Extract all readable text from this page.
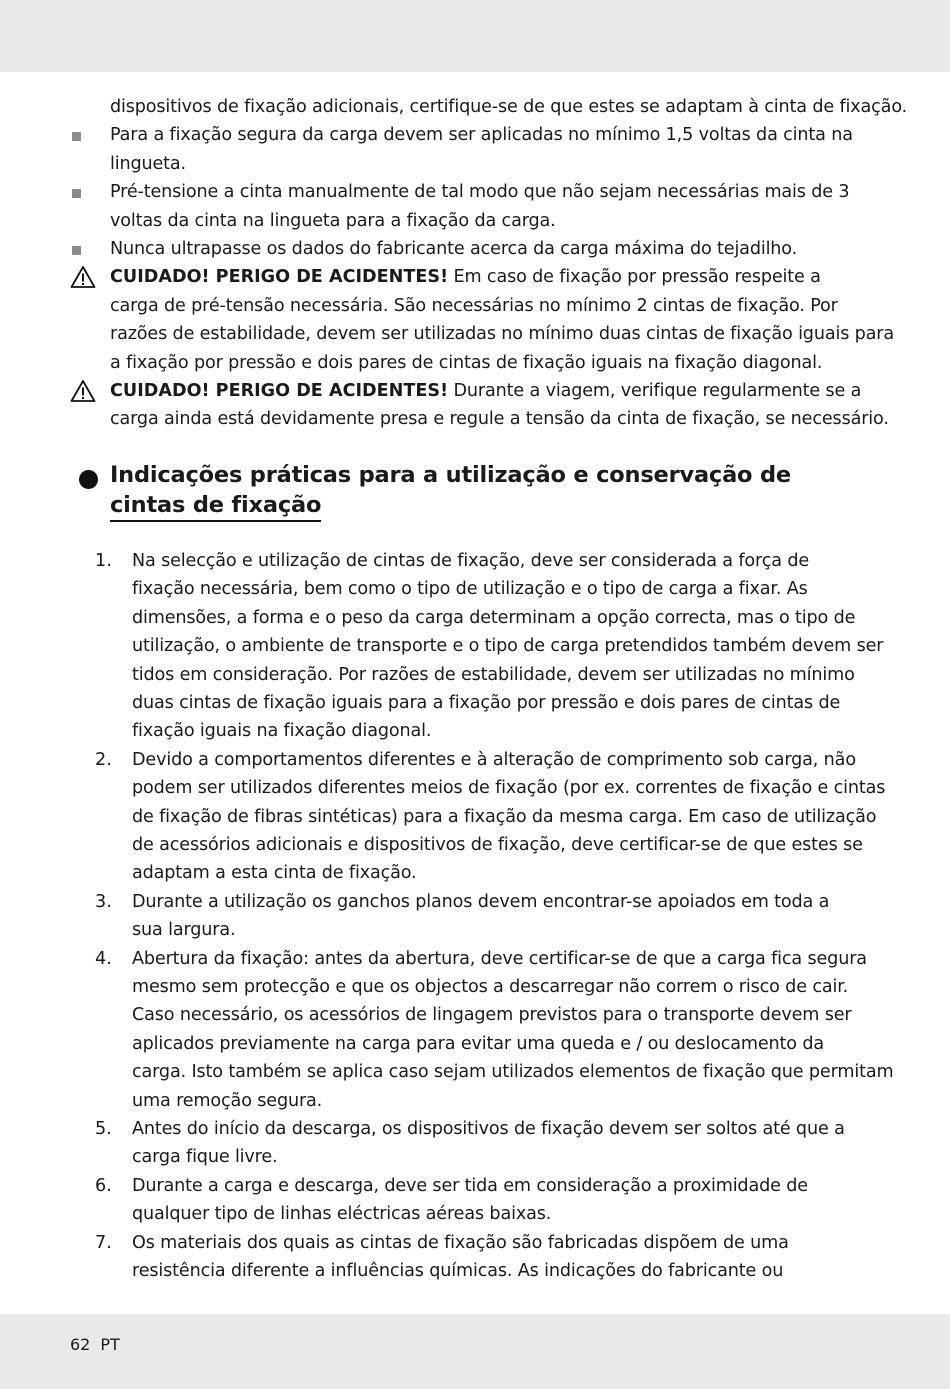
dispositivos de fixação adicionais, certifique-se de que estes se adaptam à cinta de fixação.
Para a fixação segura da carga devem ser aplicadas no mínimo 1,5 voltas da cinta na
lingueta.
Pré-tensione a cinta manualmente de tal modo que não sejam necessárias mais de 3
voltas da cinta na lingueta para a fixação da carga.
Nunca ultrapasse os dados do fabricante acerca da carga máxima do tejadilho.
CUIDADO! PERIGO DE ACIDENTES! Em caso de fixação por pressão respeite a
carga de pré-tensão necessária. São necessárias no mínimo 2 cintas de fixação. Por
razões de estabilidade, devem ser utilizadas no mínimo duas cintas de fixação iguais para
a fixação por pressão e dois pares de cintas de fixação iguais na fixação diagonal.
CUIDADO! PERIGO DE ACIDENTES! Durante a viagem, verifique regularmente se a
carga ainda está devidamente presa e regule a tensão da cinta de fixação, se necessário.
Indicações práticas para a utilização e conservação de
cintas de fixação
1. Na selecção e utilização de cintas de fixação, deve ser considerada a força de
fixação necessária, bem como o tipo de utilização e o tipo de carga a fixar. As
dimensões, a forma e o peso da carga determinam a opção correcta, mas o tipo de
utilização, o ambiente de transporte e o tipo de carga pretendidos também devem ser
tidos em consideração. Por razões de estabilidade, devem ser utilizadas no mínimo
duas cintas de fixação iguais para a fixação por pressão e dois pares de cintas de
fixação iguais na fixação diagonal.
2. Devido a comportamentos diferentes e à alteração de comprimento sob carga, não
podem ser utilizados diferentes meios de fixação (por ex. correntes de fixação e cintas
de fixação de fibras sintéticas) para a fixação da mesma carga. Em caso de utilização
de acessórios adicionais e dispositivos de fixação, deve certificar-se de que estes se
adaptam a esta cinta de fixação.
3. Durante a utilização os ganchos planos devem encontrar-se apoiados em toda a
sua largura.
4. Abertura da fixação: antes da abertura, deve certificar-se de que a carga fica segura
mesmo sem protecção e que os objectos a descarregar não correm o risco de cair.
Caso necessário, os acessórios de lingagem previstos para o transporte devem ser
aplicados previamente na carga para evitar uma queda e / ou deslocamento da
carga. Isto também se aplica caso sejam utilizados elementos de fixação que permitam
uma remoção segura.
5. Antes do início da descarga, os dispositivos de fixação devem ser soltos até que a
carga fique livre.
6. Durante a carga e descarga, deve ser tida em consideração a proximidade de
qualquer tipo de linhas eléctricas aéreas baixas.
7. Os materiais dos quais as cintas de fixação são fabricadas dispõem de uma
resistência diferente a influências químicas. As indicações do fabricante ou
62 PT
